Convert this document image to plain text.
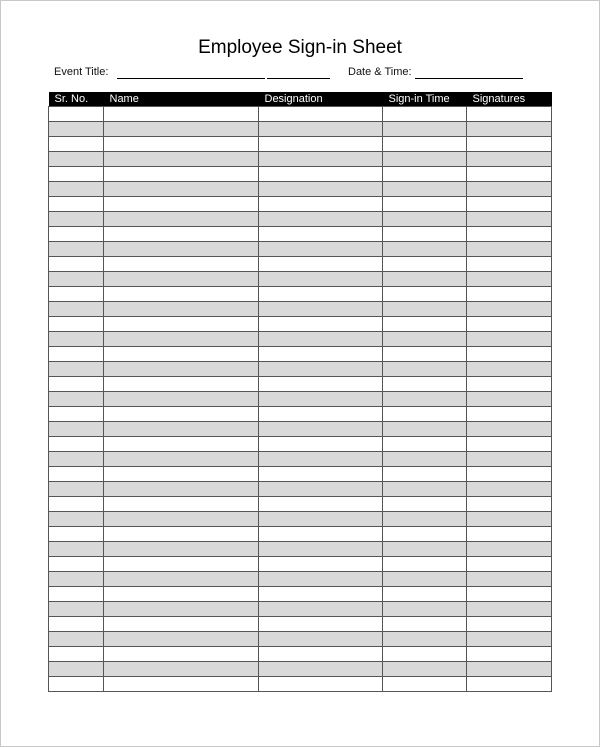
Employee Sign-in Sheet
Event Title:	Date & Time:
Sr. No.	Name	Designation	Sign-in Time	Signatures
